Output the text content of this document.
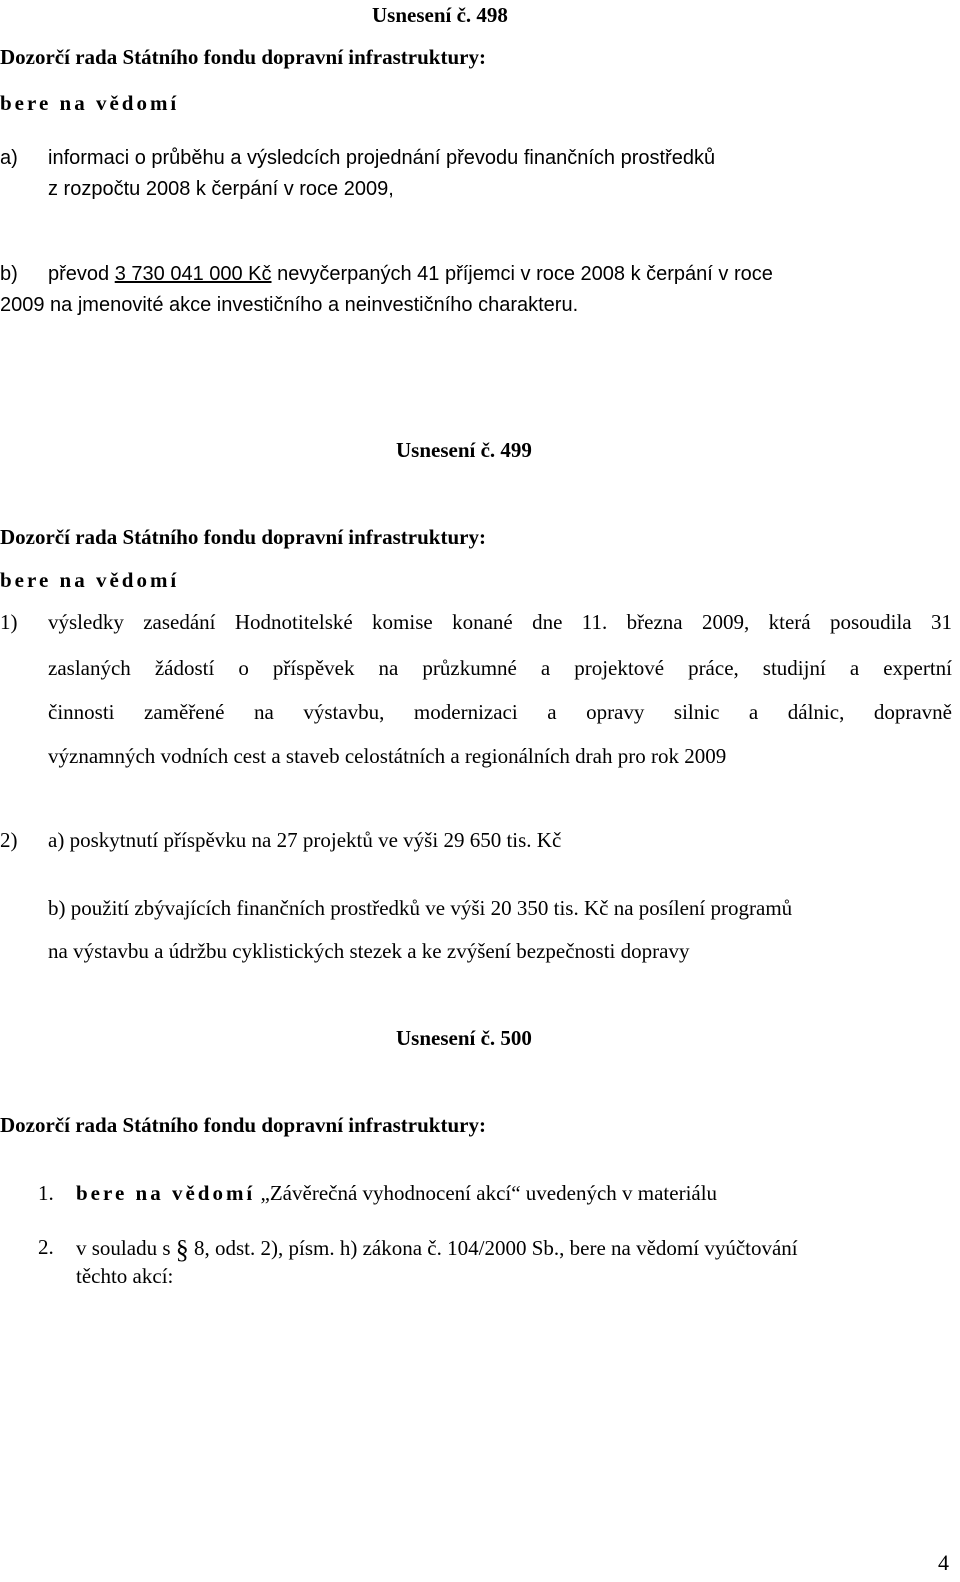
Usnesení č. 498
Dozorčí rada Státního fondu dopravní infrastruktury:
bere na vědomí
a) informaci o průběhu a výsledcích projednání převodu finančních prostředků
z rozpočtu 2008 k čerpání v roce 2009,
b) převod 3 730 041 000 Kč nevyčerpaných 41 příjemci v roce 2008 k čerpání v roce
2009 na jmenovité akce investičního a neinvestičního charakteru.
Usnesení č. 499
Dozorčí rada Státního fondu dopravní infrastruktury:
bere na vědomí
1) výsledky zasedání Hodnotitelské komise konané dne 11. března 2009, která posoudila 31
zaslaných žádostí o příspěvek na průzkumné a projektové práce, studijní a expertní
činnosti zaměřené na výstavbu, modernizaci a opravy silnic a dálnic, dopravně
významných vodních cest a staveb celostátních a regionálních drah pro rok 2009
2) a) poskytnutí příspěvku na 27 projektů ve výši 29 650 tis. Kč
b) použití zbývajících finančních prostředků ve výši 20 350 tis. Kč na posílení programů
na výstavbu a údržbu cyklistických stezek a ke zvýšení bezpečnosti dopravy
Usnesení č. 500
Dozorčí rada Státního fondu dopravní infrastruktury:
1. bere na vědomí „Závěrečná vyhodnocení akcí“ uvedených v materiálu
2. v souladu s § 8, odst. 2), písm. h) zákona č. 104/2000 Sb., bere na vědomí vyúčtování
těchto akcí:
4
